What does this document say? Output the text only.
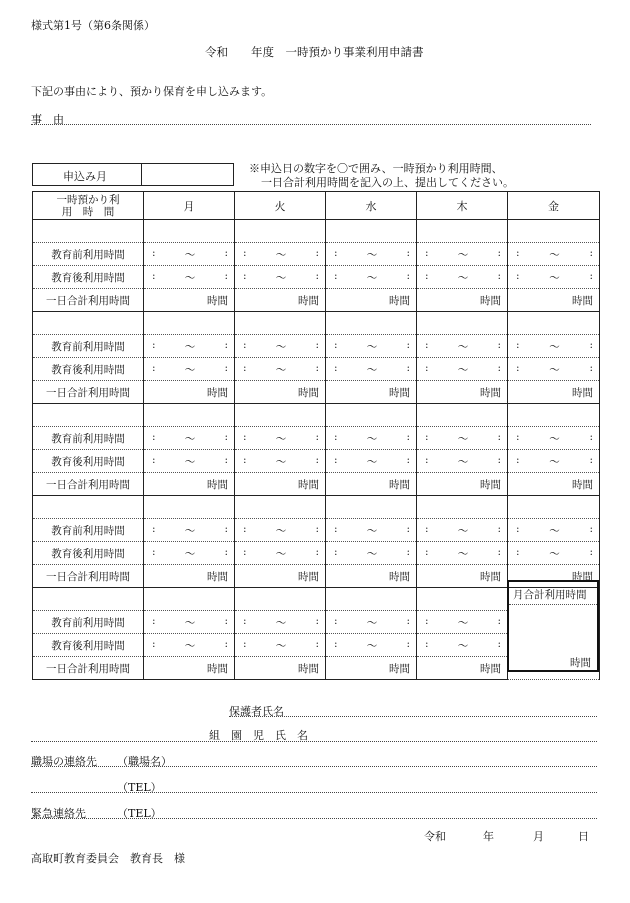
様式第1号（第6条関係）
令和　　年度　一時預かり事業利用申請書
下記の事由により、預かり保育を申し込みます。
事　由
申込み月
※申込日の数字を〇で囲み、一時預かり利用時間、
一日合計利用時間を記入の上、提出してください。
一時預かり利
用　時　間	月	火	水	木	金

教育前利用時間	: 〜 :	: 〜 :	: 〜 :	: 〜 :	: 〜 :

教育後利用時間	: 〜 :	: 〜 :	: 〜 :	: 〜 :	: 〜 :

一日合計利用時間	時間	時間	時間	時間	時間

教育前利用時間	: 〜 :	: 〜 :	: 〜 :	: 〜 :	: 〜 :

教育後利用時間	: 〜 :	: 〜 :	: 〜 :	: 〜 :	: 〜 :

一日合計利用時間	時間	時間	時間	時間	時間

教育前利用時間	: 〜 :	: 〜 :	: 〜 :	: 〜 :	: 〜 :

教育後利用時間	: 〜 :	: 〜 :	: 〜 :	: 〜 :	: 〜 :

一日合計利用時間	時間	時間	時間	時間	時間

教育前利用時間	: 〜 :	: 〜 :	: 〜 :	: 〜 :	: 〜 :

教育後利用時間	: 〜 :	: 〜 :	: 〜 :	: 〜 :	: 〜 :

一日合計利用時間	時間	時間	時間	時間	時間

教育前利用時間	: 〜 :	: 〜 :	: 〜 :	: 〜 :	

教育後利用時間	: 〜 :	: 〜 :	: 〜 :	: 〜 :	

一日合計利用時間	時間	時間	時間	時間	
月合計利用時間
時間
保護者氏名
組　園　児　氏　名
職場の連絡先 （職場名）
（TEL）
緊急連絡先	（TEL）
令和	年	月	日
高取町教育委員会　教育長　様
